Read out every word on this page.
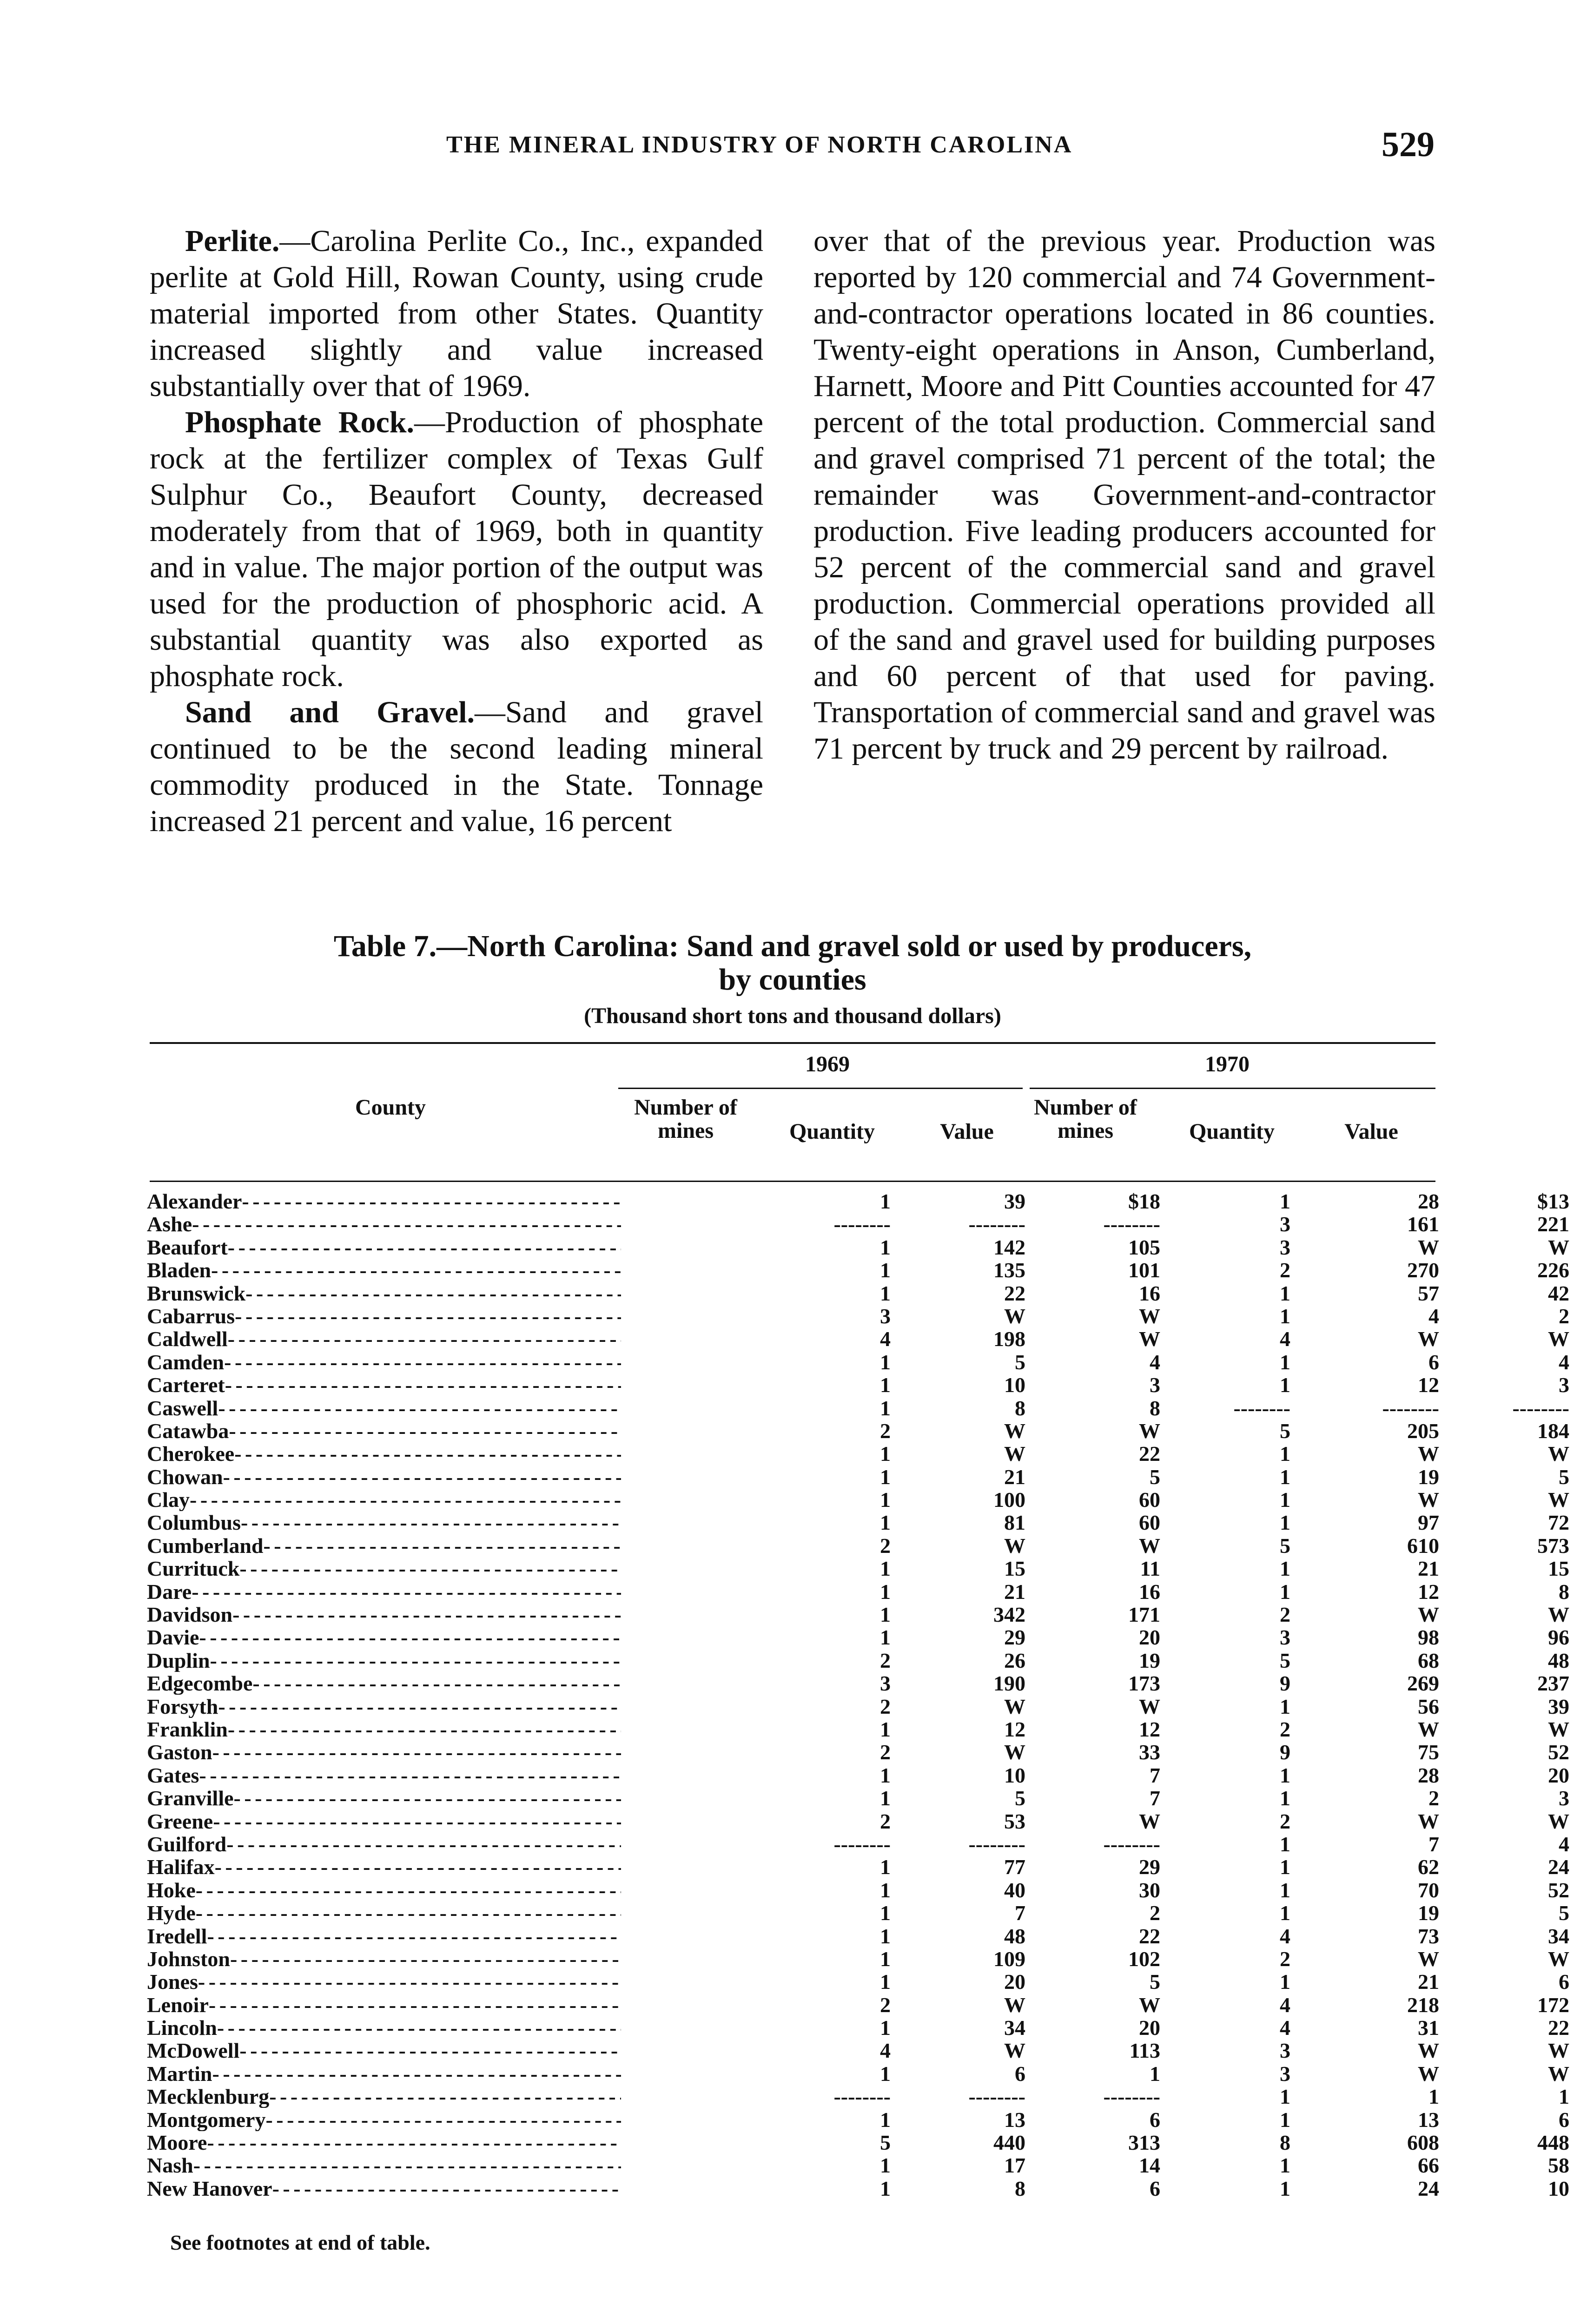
THE MINERAL INDUSTRY OF NORTH CAROLINA	529

Perlite.—Carolina Perlite Co., Inc., expanded perlite at Gold Hill, Rowan County, using crude material imported from other States. Quantity increased slightly and value increased substantially over that of 1969.

Phosphate Rock.—Production of phosphate rock at the fertilizer complex of Texas Gulf Sulphur Co., Beaufort County, decreased moderately from that of 1969, both in quantity and in value. The major portion of the output was used for the production of phosphoric acid. A substantial quantity was also exported as phosphate rock.

Sand and Gravel.—Sand and gravel continued to be the second leading mineral commodity produced in the State. Tonnage increased 21 percent and value, 16 percent

over that of the previous year. Production was reported by 120 commercial and 74 Government-and-contractor operations located in 86 counties. Twenty-eight operations in Anson, Cumberland, Harnett, Moore and Pitt Counties accounted for 47 percent of the total production. Commercial sand and gravel comprised 71 percent of the total; the remainder was Government-and-contractor production. Five leading producers accounted for 52 percent of the commercial sand and gravel production. Commercial operations provided all of the sand and gravel used for building purposes and 60 percent of that used for paving. Transportation of commercial sand and gravel was 71 percent by truck and 29 percent by railroad.

Table 7.—North Carolina: Sand and gravel sold or used by producers,
by counties
(Thousand short tons and thousand dollars)
1969	1970
County	Number of mines	Quantity	Value
Number of mines	Quantity	Value
Alexander - - -	1	39	$18	1	28	$13
Ashe - - -	--------	--------	--------	3	161	221
Beaufort - - -	1	142	105	3	W	W
Bladen - - -	1	135	101	2	270	226
Brunswick - - -	1	22	16	1	57	42
Cabarrus - - -	3	W	W	1	4	2
Caldwell - - -	4	198	W	4	W	W
Camden - - -	1	5	4	1	6	4
Carteret - - -	1	10	3	1	12	3
Caswell - - -	1	8	8	--------	--------	--------
Catawba - - -	2	W	W	5	205	184
Cherokee - - -	1	W	22	1	W	W
Chowan - - -	1	21	5	1	19	5
Clay - - -	1	100	60	1	W	W
Columbus - - -	1	81	60	1	97	72
Cumberland - - -	2	W	W	5	610	573
Currituck - - -	1	15	11	1	21	15
Dare - - -	1	21	16	1	12	8
Davidson - - -	1	342	171	2	W	W
Davie - - -	1	29	20	3	98	96
Duplin - - -	2	26	19	5	68	48
Edgecombe - - -	3	190	173	9	269	237
Forsyth - - -	2	W	W	1	56	39
Franklin - - -	1	12	12	2	W	W
Gaston - - -	2	W	33	9	75	52
Gates - - -	1	10	7	1	28	20
Granville - - -	1	5	7	1	2	3
Greene - - -	2	53	W	2	W	W
Guilford - - -	--------	--------	--------	1	7	4
Halifax - - -	1	77	29	1	62	24
Hoke - - -	1	40	30	1	70	52
Hyde - - -	1	7	2	1	19	5
Iredell - - -	1	48	22	4	73	34
Johnston - - -	1	109	102	2	W	W
Jones - - -	1	20	5	1	21	6
Lenoir - - -	2	W	W	4	218	172
Lincoln - - -	1	34	20	4	31	22
McDowell - - -	4	W	113	3	W	W
Martin - - -	1	6	1	3	W	W
Mecklenburg - - -	--------	--------	--------	1	1	1
Montgomery - - -	1	13	6	1	13	6
Moore - - -	5	440	313	8	608	448
Nash - - -	1	17	14	1	66	58
New Hanover - - -	1	8	6	1	24	10
See footnotes at end of table.
